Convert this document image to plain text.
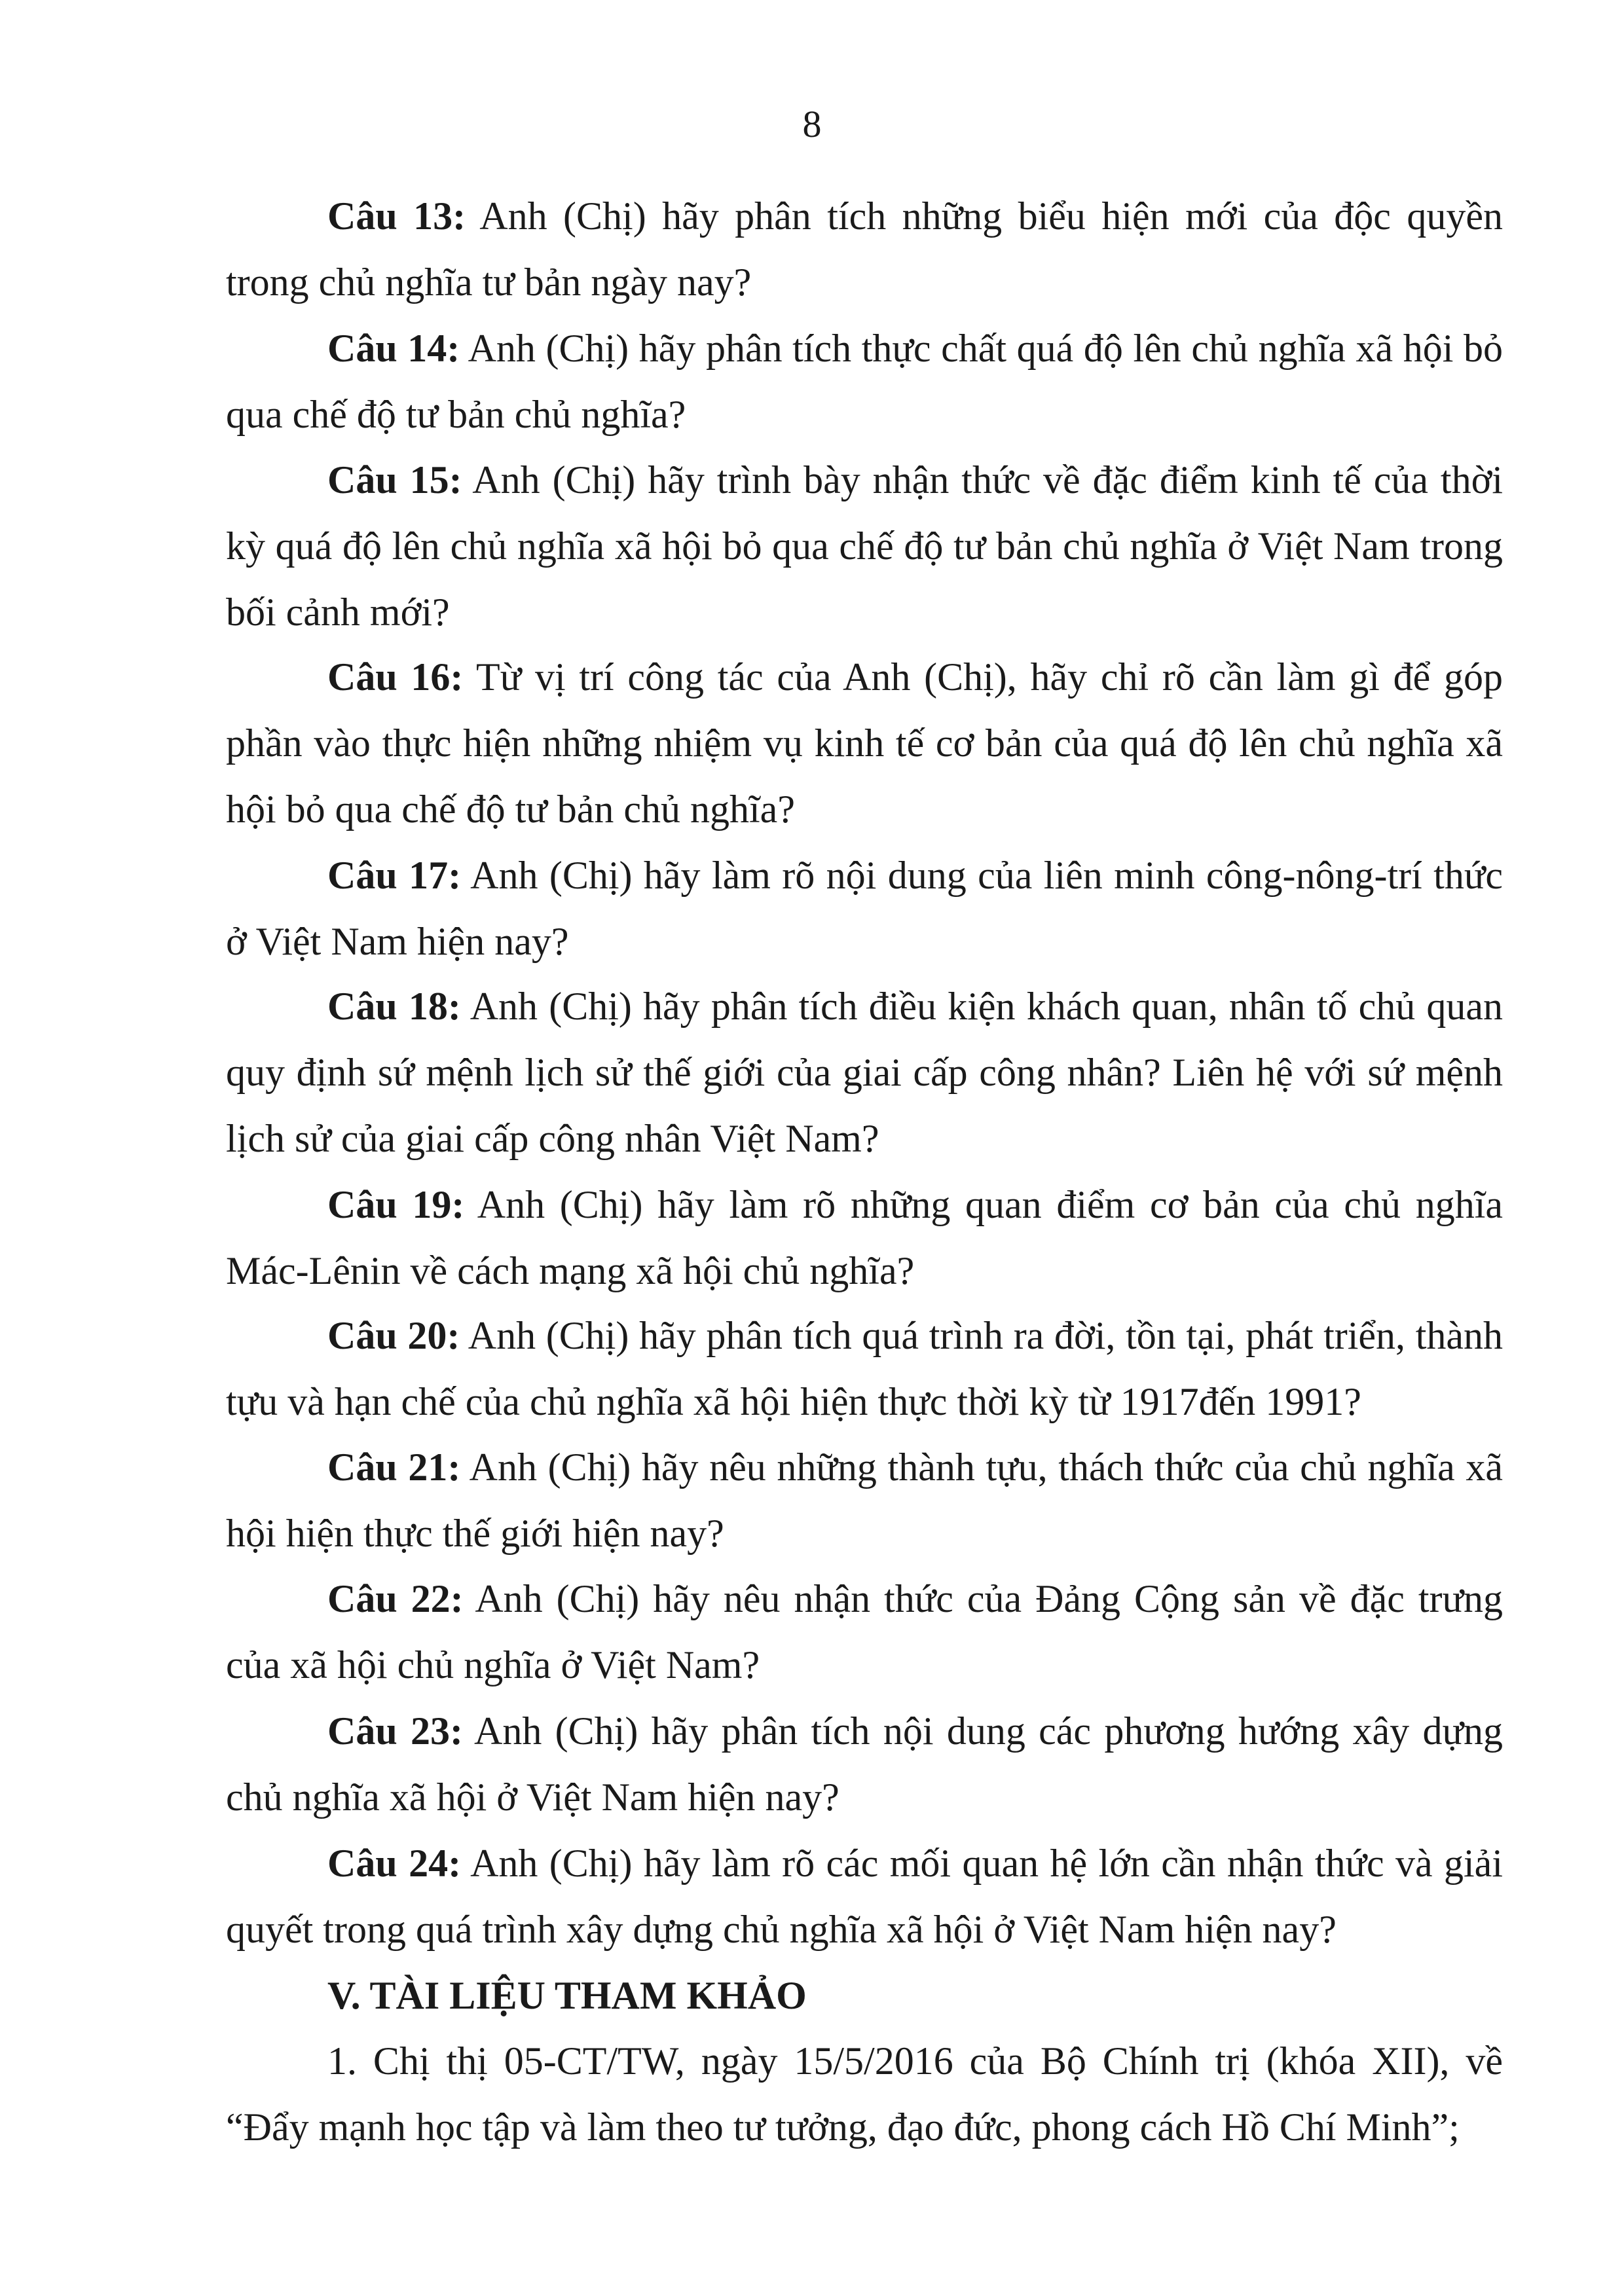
8

Câu 13: Anh (Chị) hãy phân tích những biểu hiện mới của độc quyền trong chủ nghĩa tư bản ngày nay?

Câu 14: Anh (Chị) hãy phân tích thực chất quá độ lên chủ nghĩa xã hội bỏ qua chế độ tư bản chủ nghĩa?

Câu 15: Anh (Chị) hãy trình bày nhận thức về đặc điểm kinh tế của thời kỳ quá độ lên chủ nghĩa xã hội bỏ qua chế độ tư bản chủ nghĩa ở Việt Nam trong bối cảnh mới?

Câu 16: Từ vị trí công tác của Anh (Chị), hãy chỉ rõ cần làm gì để góp phần vào thực hiện những nhiệm vụ kinh tế cơ bản của quá độ lên chủ nghĩa xã hội bỏ qua chế độ tư bản chủ nghĩa?

Câu 17: Anh (Chị) hãy làm rõ nội dung của liên minh công-nông-trí thức ở Việt Nam hiện nay?

Câu 18: Anh (Chị) hãy phân tích điều kiện khách quan, nhân tố chủ quan quy định sứ mệnh lịch sử thế giới của giai cấp công nhân? Liên hệ với sứ mệnh lịch sử của giai cấp công nhân Việt Nam?

Câu 19: Anh (Chị) hãy làm rõ những quan điểm cơ bản của chủ nghĩa Mác-Lênin về cách mạng xã hội chủ nghĩa?

Câu 20: Anh (Chị) hãy phân tích quá trình ra đời, tồn tại, phát triển, thành tựu và hạn chế của chủ nghĩa xã hội hiện thực thời kỳ từ 1917đến 1991?

Câu 21: Anh (Chị) hãy nêu những thành tựu, thách thức của chủ nghĩa xã hội hiện thực thế giới hiện nay?

Câu 22: Anh (Chị) hãy nêu nhận thức của Đảng Cộng sản về đặc trưng của xã hội chủ nghĩa ở Việt Nam?

Câu 23: Anh (Chị) hãy phân tích nội dung các phương hướng xây dựng chủ nghĩa xã hội ở Việt Nam hiện nay?

Câu 24: Anh (Chị) hãy làm rõ các mối quan hệ lớn cần nhận thức và giải quyết trong quá trình xây dựng chủ nghĩa xã hội ở Việt Nam hiện nay?

V. TÀI LIỆU THAM KHẢO

1. Chị thị 05-CT/TW, ngày 15/5/2016 của Bộ Chính trị (khóa XII), về “Đẩy mạnh học tập và làm theo tư tưởng, đạo đức, phong cách Hồ Chí Minh”;
